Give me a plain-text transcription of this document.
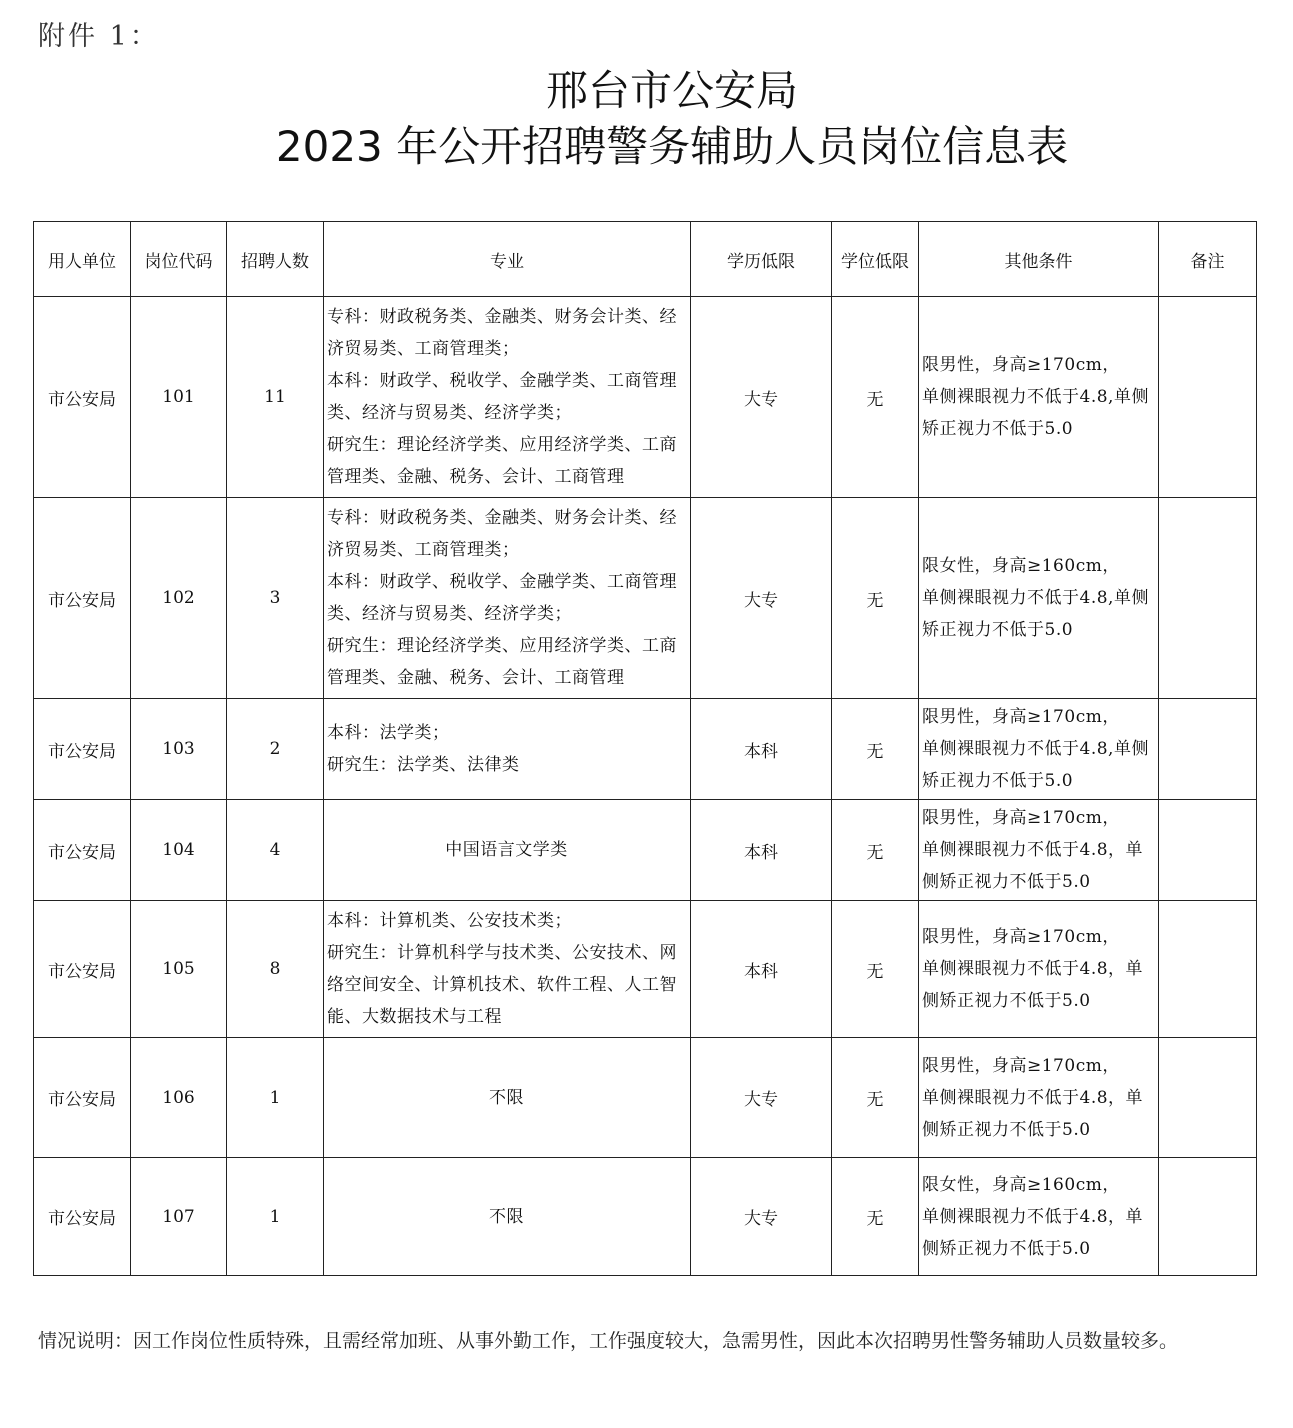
附件 1：
邢台市公安局
2023 年公开招聘警务辅助人员岗位信息表
用人单位	岗位代码	招聘人数	专业	学历低限	学位低限	其他条件	备注
市公安局	101	11	专科：财政税务类、金融类、财务会计类、经济贸易类、工商管理类；
本科：财政学、税收学、金融学类、工商管理类、经济与贸易类、经济学类；
研究生：理论经济学类、应用经济学类、工商管理类、金融、税务、会计、工商管理	大专	无	限男性，身高≥170cm，
单侧裸眼视力不低于4.8,单侧矫正视力不低于5.0	

市公安局	102	3	专科：财政税务类、金融类、财务会计类、经济贸易类、工商管理类；
本科：财政学、税收学、金融学类、工商管理类、经济与贸易类、经济学类；
研究生：理论经济学类、应用经济学类、工商管理类、金融、税务、会计、工商管理	大专	无	限女性，身高≥160cm，
单侧裸眼视力不低于4.8,单侧矫正视力不低于5.0	

市公安局	103	2	本科：法学类；
研究生：法学类、法律类	本科	无	限男性，身高≥170cm，
单侧裸眼视力不低于4.8,单侧矫正视力不低于5.0	

市公安局	104	4	中国语言文学类	本科	无	限男性，身高≥170cm，
单侧裸眼视力不低于4.8，单侧矫正视力不低于5.0	

市公安局	105	8	本科：计算机类、公安技术类；
研究生：计算机科学与技术类、公安技术、网络空间安全、计算机技术、软件工程、人工智能、大数据技术与工程	本科	无	限男性，身高≥170cm，
单侧裸眼视力不低于4.8，单侧矫正视力不低于5.0	

市公安局	106	1	不限	大专	无	限男性，身高≥170cm，
单侧裸眼视力不低于4.8，单侧矫正视力不低于5.0	

市公安局	107	1	不限	大专	无	限女性，身高≥160cm，
单侧裸眼视力不低于4.8，单侧矫正视力不低于5.0	

情况说明：因工作岗位性质特殊，且需经常加班、从事外勤工作，工作强度较大，急需男性，因此本次招聘男性警务辅助人员数量较多。
